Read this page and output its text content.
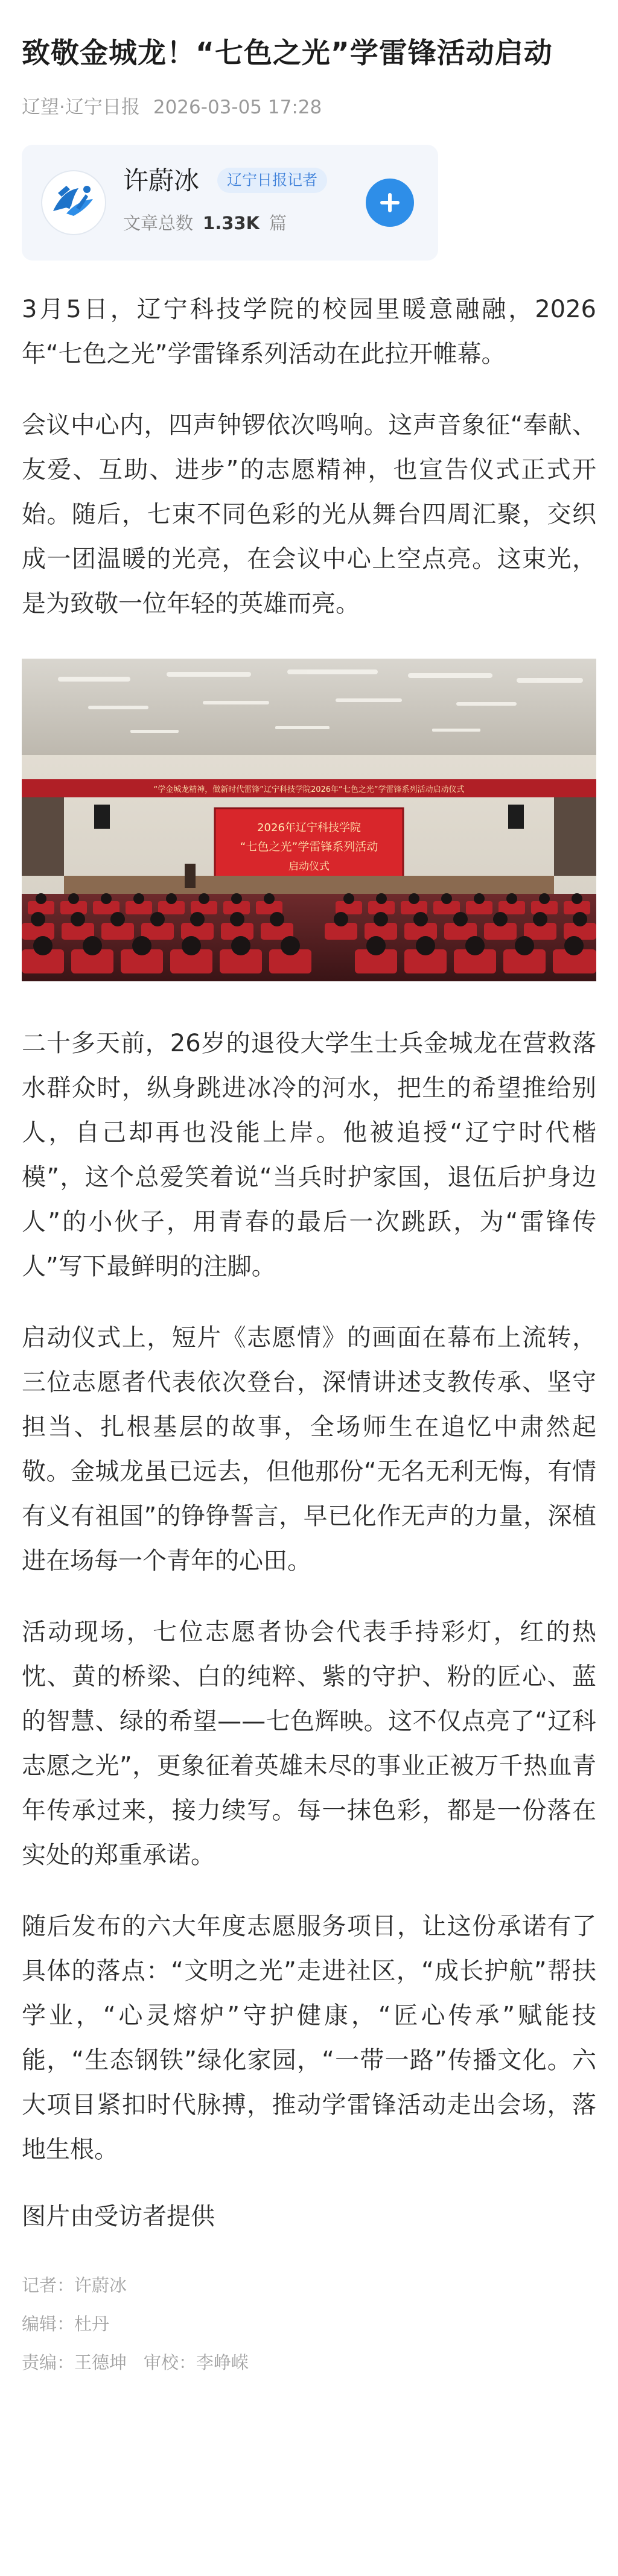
致敬金城龙！“七色之光”学雷锋活动启动
辽望·辽宁日报 2026-03-05 17:28
许蔚冰	辽宁日报记者
文章总数 1.33K 篇

3月5日，辽宁科技学院的校园里暖意融融，2026年“七色之光”学雷锋系列活动在此拉开帷幕。

会议中心内，四声钟锣依次鸣响。这声音象征“奉献、友爱、互助、进步”的志愿精神，也宣告仪式正式开始。随后，七束不同色彩的光从舞台四周汇聚，交织成一团温暖的光亮，在会议中心上空点亮。这束光，是为致敬一位年轻的英雄而亮。

“学金城龙精神，做新时代雷锋”辽宁科技学院2026年“七色之光”学雷锋系列活动启动仪式
2026年辽宁科技学院
“七色之光”学雷锋系列活动
启动仪式

二十多天前，26岁的退役大学生士兵金城龙在营救落水群众时，纵身跳进冰冷的河水，把生的希望推给别人，自己却再也没能上岸。他被追授“辽宁时代楷模”，这个总爱笑着说“当兵时护家国，退伍后护身边人”的小伙子，用青春的最后一次跳跃，为“雷锋传人”写下最鲜明的注脚。

启动仪式上，短片《志愿情》的画面在幕布上流转，三位志愿者代表依次登台，深情讲述支教传承、坚守担当、扎根基层的故事，全场师生在追忆中肃然起敬。金城龙虽已远去，但他那份“无名无利无悔，有情有义有祖国”的铮铮誓言，早已化作无声的力量，深植进在场每一个青年的心田。

活动现场，七位志愿者协会代表手持彩灯，红的热忱、黄的桥梁、白的纯粹、紫的守护、粉的匠心、蓝的智慧、绿的希望——七色辉映。这不仅点亮了“辽科志愿之光”，更象征着英雄未尽的事业正被万千热血青年传承过来，接力续写。每一抹色彩，都是一份落在实处的郑重承诺。

随后发布的六大年度志愿服务项目，让这份承诺有了具体的落点：“文明之光”走进社区，“成长护航”帮扶学业，“心灵熔炉”守护健康，“匠心传承”赋能技能，“生态钢铁”绿化家园，“一带一路”传播文化。六大项目紧扣时代脉搏，推动学雷锋活动走出会场，落地生根。

图片由受访者提供

记者：许蔚冰

编辑：杜丹

责编：王德坤 审校：李峥嵘
